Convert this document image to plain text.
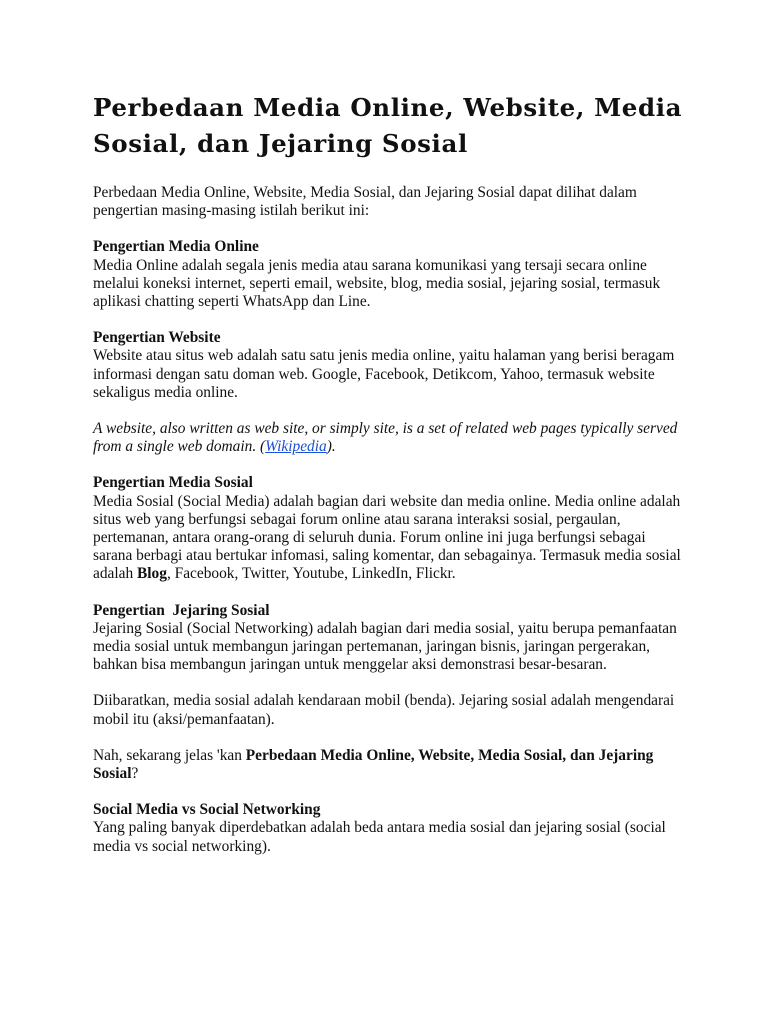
Perbedaan Media Online, Website, Media Sosial, dan Jejaring Sosial

Perbedaan Media Online, Website, Media Sosial, dan Jejaring Sosial dapat dilihat dalam pengertian masing-masing istilah berikut ini:

Pengertian Media Online
Media Online adalah segala jenis media atau sarana komunikasi yang tersaji secara online melalui koneksi internet, seperti email, website, blog, media sosial, jejaring sosial, termasuk aplikasi chatting seperti WhatsApp dan Line.

Pengertian Website
Website atau situs web adalah satu satu jenis media online, yaitu halaman yang berisi beragam informasi dengan satu doman web. Google, Facebook, Detikcom, Yahoo, termasuk website sekaligus media online.

A website, also written as web site, or simply site, is a set of related web pages typically served from a single web domain. (Wikipedia).

Pengertian Media Sosial
Media Sosial (Social Media) adalah bagian dari website dan media online. Media online adalah situs web yang berfungsi sebagai forum online atau sarana interaksi sosial, pergaulan, pertemanan, antara orang-orang di seluruh dunia. Forum online ini juga berfungsi sebagai sarana berbagi atau bertukar infomasi, saling komentar, dan sebagainya. Termasuk media sosial adalah Blog, Facebook, Twitter, Youtube, LinkedIn, Flickr.

Pengertian  Jejaring Sosial
Jejaring Sosial (Social Networking) adalah bagian dari media sosial, yaitu berupa pemanfaatan media sosial untuk membangun jaringan pertemanan, jaringan bisnis, jaringan pergerakan, bahkan bisa membangun jaringan untuk menggelar aksi demonstrasi besar-besaran.

Diibaratkan, media sosial adalah kendaraan mobil (benda). Jejaring sosial adalah mengendarai mobil itu (aksi/pemanfaatan).

Nah, sekarang jelas 'kan Perbedaan Media Online, Website, Media Sosial, dan Jejaring Sosial?

Social Media vs Social Networking
Yang paling banyak diperdebatkan adalah beda antara media sosial dan jejaring sosial (social media vs social networking).
